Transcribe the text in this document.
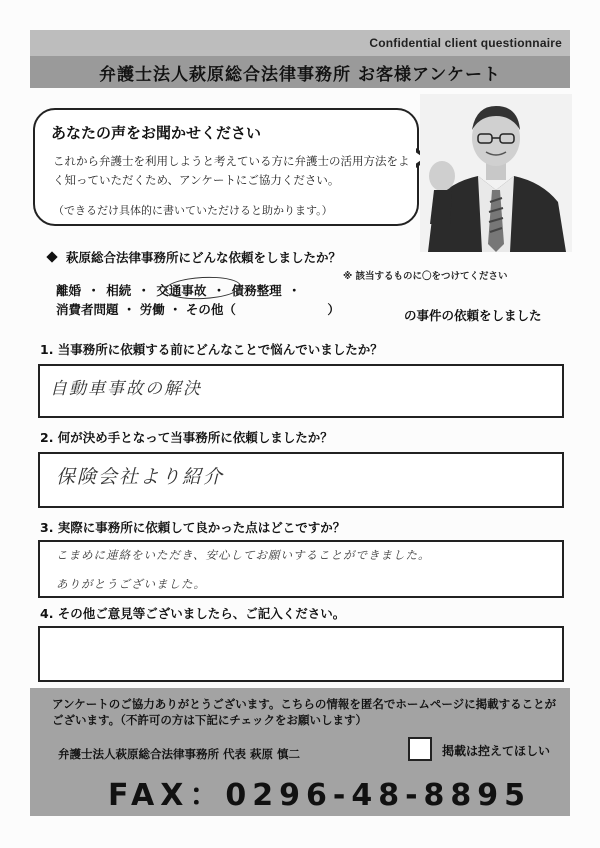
Confidential client questionnaire
弁護士法人萩原総合法律事務所 お客様アンケート
あなたの声をお聞かせください
これから弁護士を利用しようと考えている方に弁護士の活用方法をよく知っていただくため、アンケートにご協力ください。
（できるだけ具体的に書いていただけると助かります。）
萩原総合法律事務所にどんな依頼をしましたか？
※ 該当するものに〇をつけてください
離婚 ・ 相続 ・ 交通事故 ・ 債務整理 ・
消費者問題 ・ 労働 ・ その他（	）	の事件の依頼をしました
1. 当事務所に依頼する前にどんなことで悩んでいましたか？
自動車事故の解決
2. 何が決め手となって当事務所に依頼しましたか？
保険会社より紹介
3. 実際に事務所に依頼して良かった点はどこですか？
こまめに連絡をいただき、安心してお願いすることができました。
ありがとうございました。
4. その他ご意見等ございましたら、ご記入ください。
アンケートのご協力ありがとうございます。こちらの情報を匿名でホームページに掲載することがございます。（不許可の方は下記にチェックをお願いします）
弁護士法人萩原総合法律事務所 代表 萩原 慎二	掲載は控えてほしい
FAX：0296-48-8895
